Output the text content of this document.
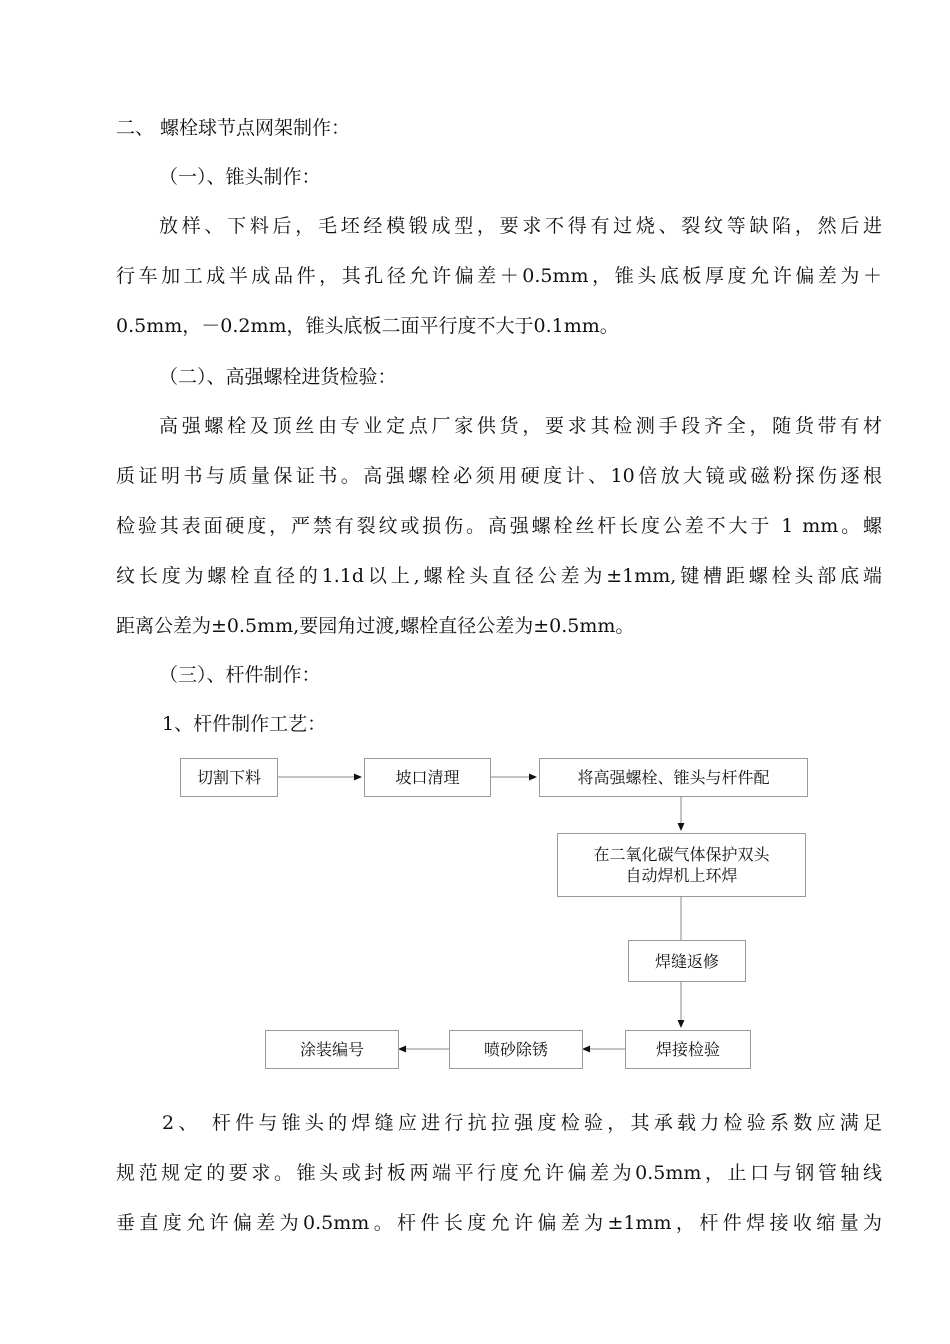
二、 螺栓球节点网架制作：
（一）、锥头制作：
放样、下料后，毛坯经模锻成型，要求不得有过烧、裂纹等缺陷，然后进
行车加工成半成品件，其孔径允许偏差＋0.5mm，锥头底板厚度允许偏差为＋
0.5mm，－0.2mm，锥头底板二面平行度不大于0.1mm。
（二）、高强螺栓进货检验：
高强螺栓及顶丝由专业定点厂家供货，要求其检测手段齐全，随货带有材
质证明书与质量保证书。高强螺栓必须用硬度计、10倍放大镜或磁粉探伤逐根
检验其表面硬度，严禁有裂纹或损伤。高强螺栓丝杆长度公差不大于 1 mm。螺
纹长度为螺栓直径的1.1d以上,螺栓头直径公差为±1mm,键槽距螺栓头部底端
距离公差为±0.5mm,要园角过渡,螺栓直径公差为±0.5mm。
（三）、杆件制作：
1、杆件制作工艺：
切割下料	坡口清理	将高强螺栓、锥头与杆件配
在二氧化碳气体保护双头
自动焊机上环焊
焊缝返修
焊接检验
喷砂除锈
涂装编号
2、 杆件与锥头的焊缝应进行抗拉强度检验，其承载力检验系数应满足
规范规定的要求。锥头或封板两端平行度允许偏差为0.5mm，止口与钢管轴线
垂直度允许偏差为0.5mm。杆件长度允许偏差为±1mm，杆件焊接收缩量为
